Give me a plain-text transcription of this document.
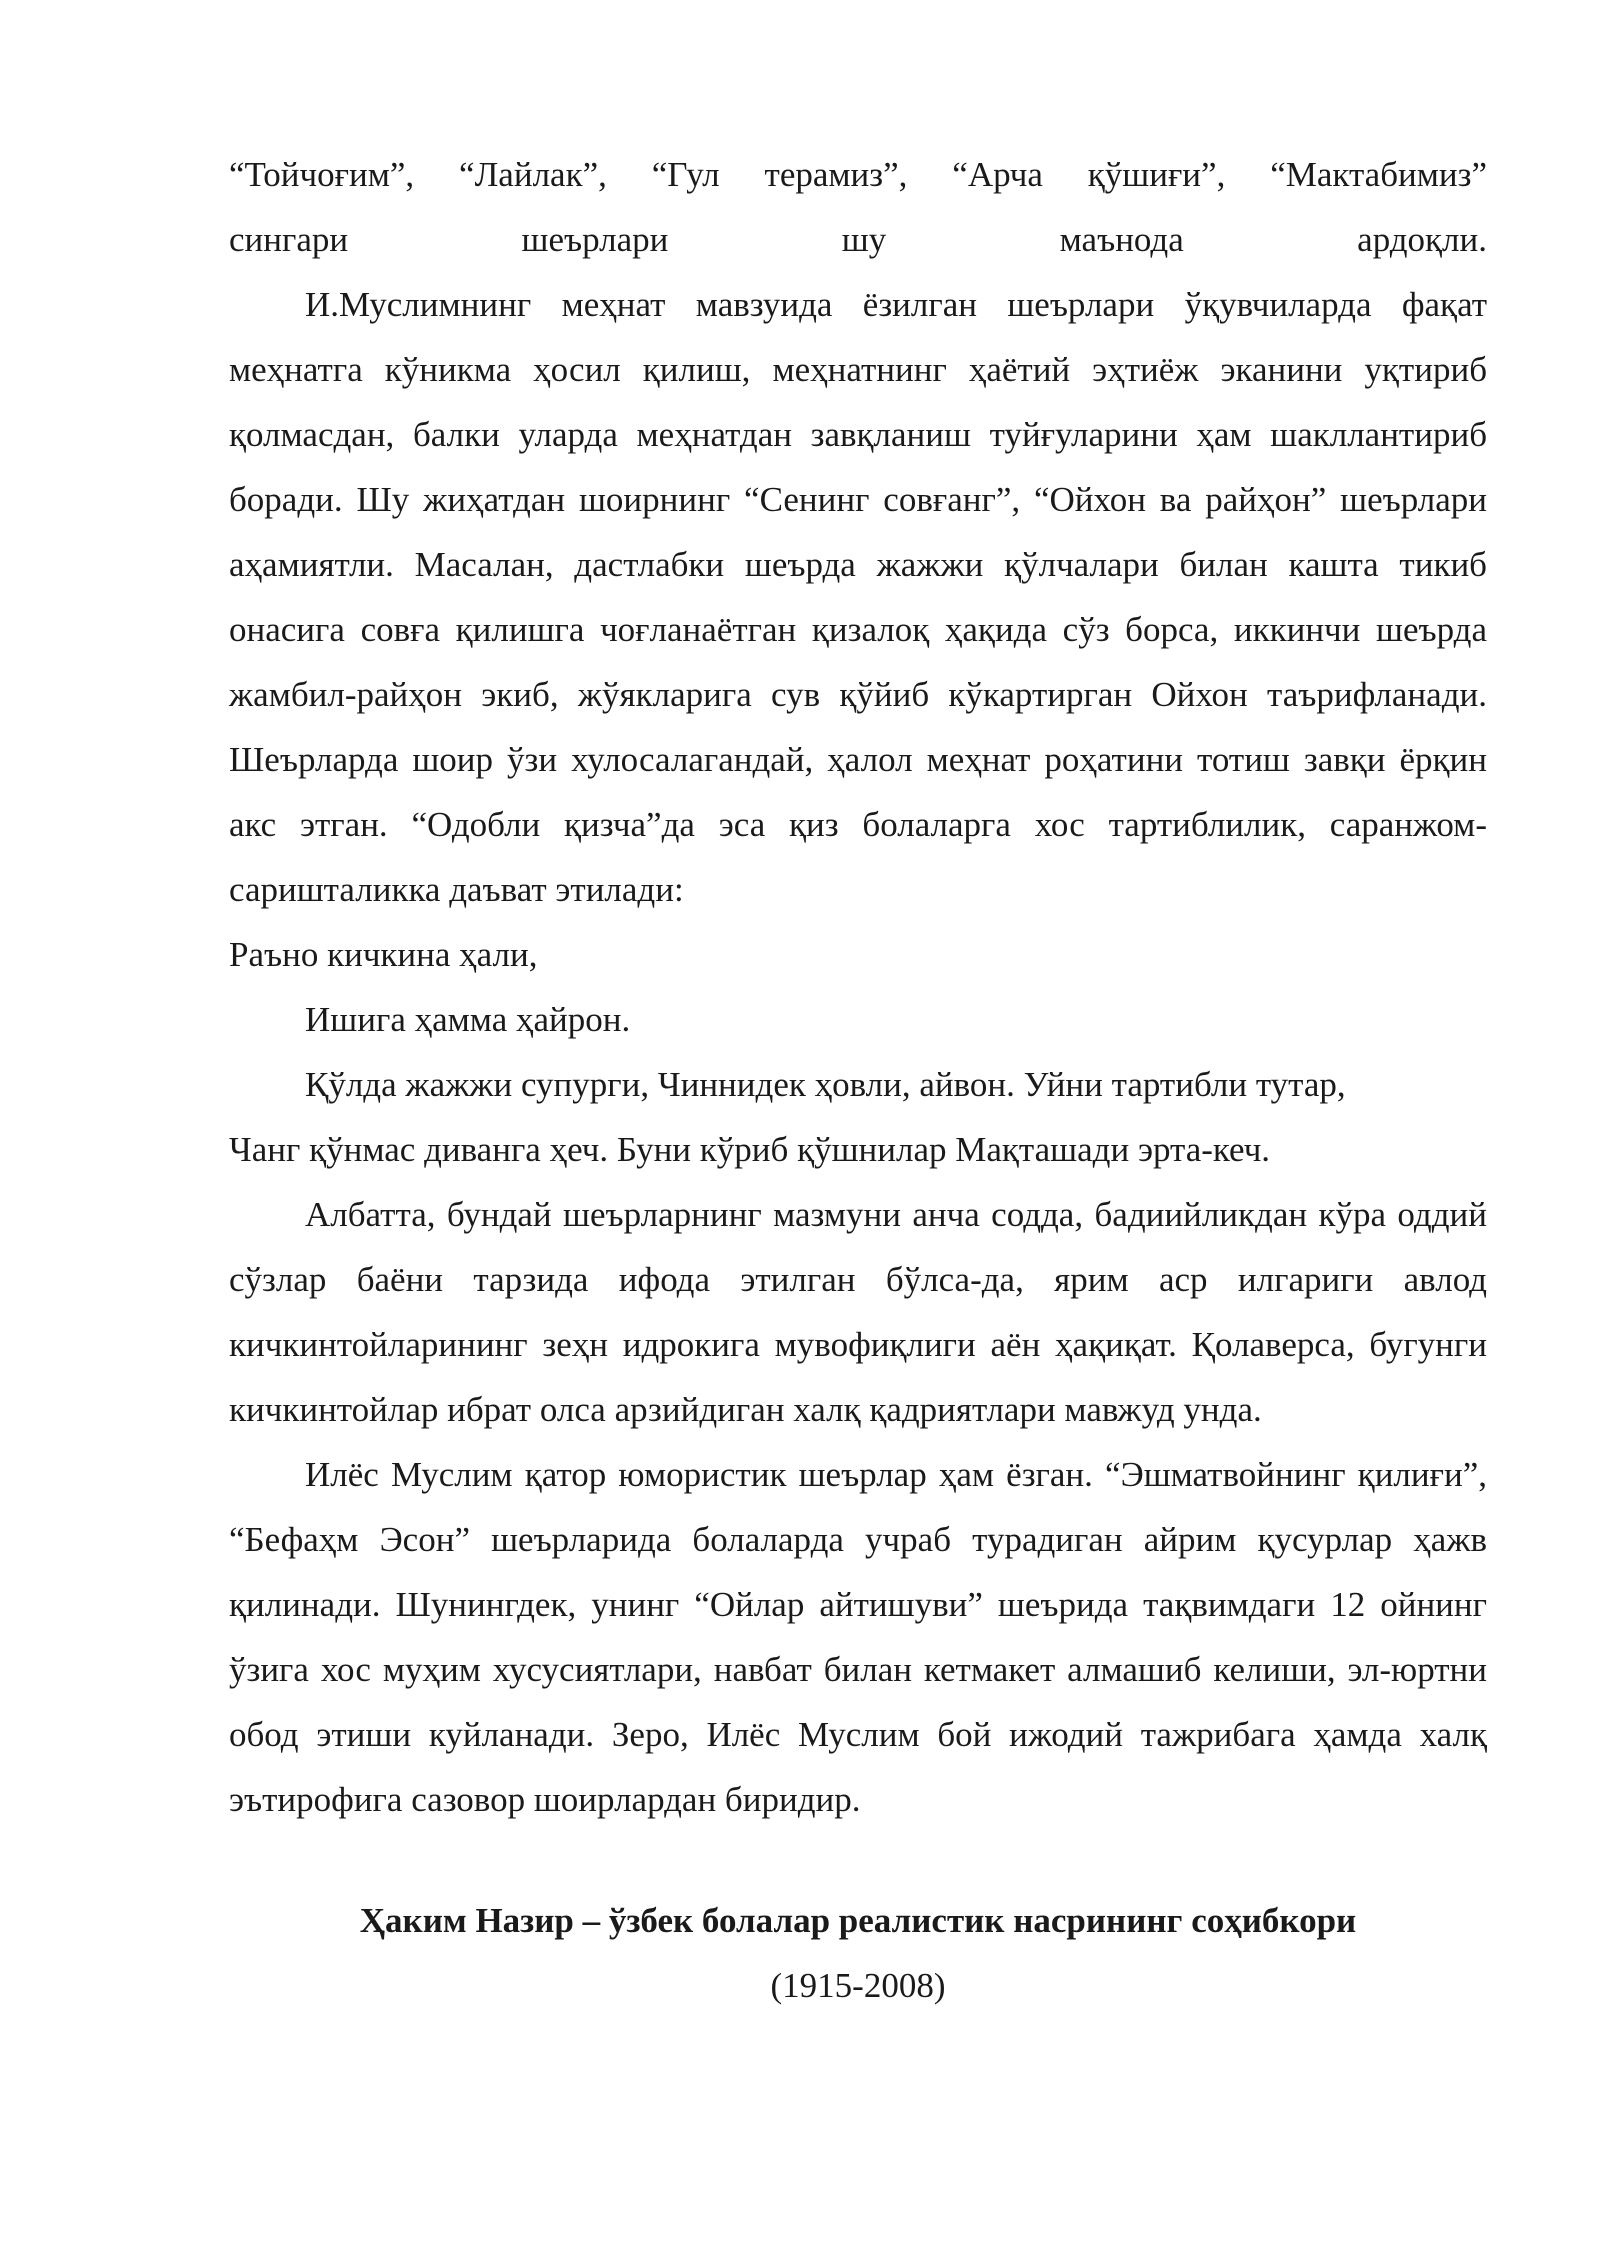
“Тойчоғим”, “Лайлак”, “Гул терамиз”, “Арча қўшиғи”, “Мактабимиз”
сингари шеърлари шу маънода ардоқли.

И.Муслимнинг меҳнат мавзуида ёзилган шеърлари ўқувчиларда фақат меҳнатга кўникма ҳосил қилиш, меҳнатнинг ҳаётий эҳтиёж эканини уқтириб қолмасдан, балки уларда меҳнатдан завқланиш туйғуларини ҳам шакллантириб боради. Шу жиҳатдан шоирнинг “Сенинг совғанг”, “Ойхон ва райҳон” шеърлари аҳамиятли. Масалан, дастлабки шеърда жажжи қўлчалари билан кашта тикиб онасига совға қилишга чоғланаётган қизалоқ ҳақида сўз борса, иккинчи шеърда жамбил-райҳон экиб, жўякларига сув қўйиб кўкартирган Ойхон таърифланади. Шеърларда шоир ўзи хулосалагандай, ҳалол меҳнат роҳатини тотиш завқи ёрқин акс этган. “Одобли қизча”да эса қиз болаларга хос тартиблилик, саранжом-саришталикка даъват этилади:
Раъно кичкина ҳали,

Ишига ҳамма ҳайрон.

Қўлда жажжи супурги, Чиннидек ҳовли, айвон. Уйни тартибли тутар,
Чанг қўнмас диванга ҳеч. Буни кўриб қўшнилар Мақташади эрта-кеч.

Албатта, бундай шеърларнинг мазмуни анча содда, бадиийликдан кўра оддий сўзлар баёни тарзида ифода этилган бўлса-да, ярим аср илгариги авлод кичкинтойларининг зеҳн идрокига мувофиқлиги аён ҳақиқат. Қолаверса, бугунги кичкинтойлар ибрат олса арзийдиган халқ қадриятлари мавжуд унда.

Илёс Муслим қатор юмористик шеърлар ҳам ёзган. “Эшматвойнинг қилиғи”, “Бефаҳм Эсон” шеърларида болаларда учраб турадиган айрим қусурлар ҳажв қилинади. Шунингдек, унинг “Ойлар айтишуви” шеърида тақвимдаги 12 ойнинг ўзига хос муҳим хусусиятлари, навбат билан кетмакет алмашиб келиши, эл-юртни обод этиши куйланади. Зеро, Илёс Муслим бой ижодий тажрибага ҳамда халқ эътирофига сазовор шоирлардан биридир.

Ҳаким Назир – ўзбек болалар реалистик насрининг соҳибкори

(1915-2008)
